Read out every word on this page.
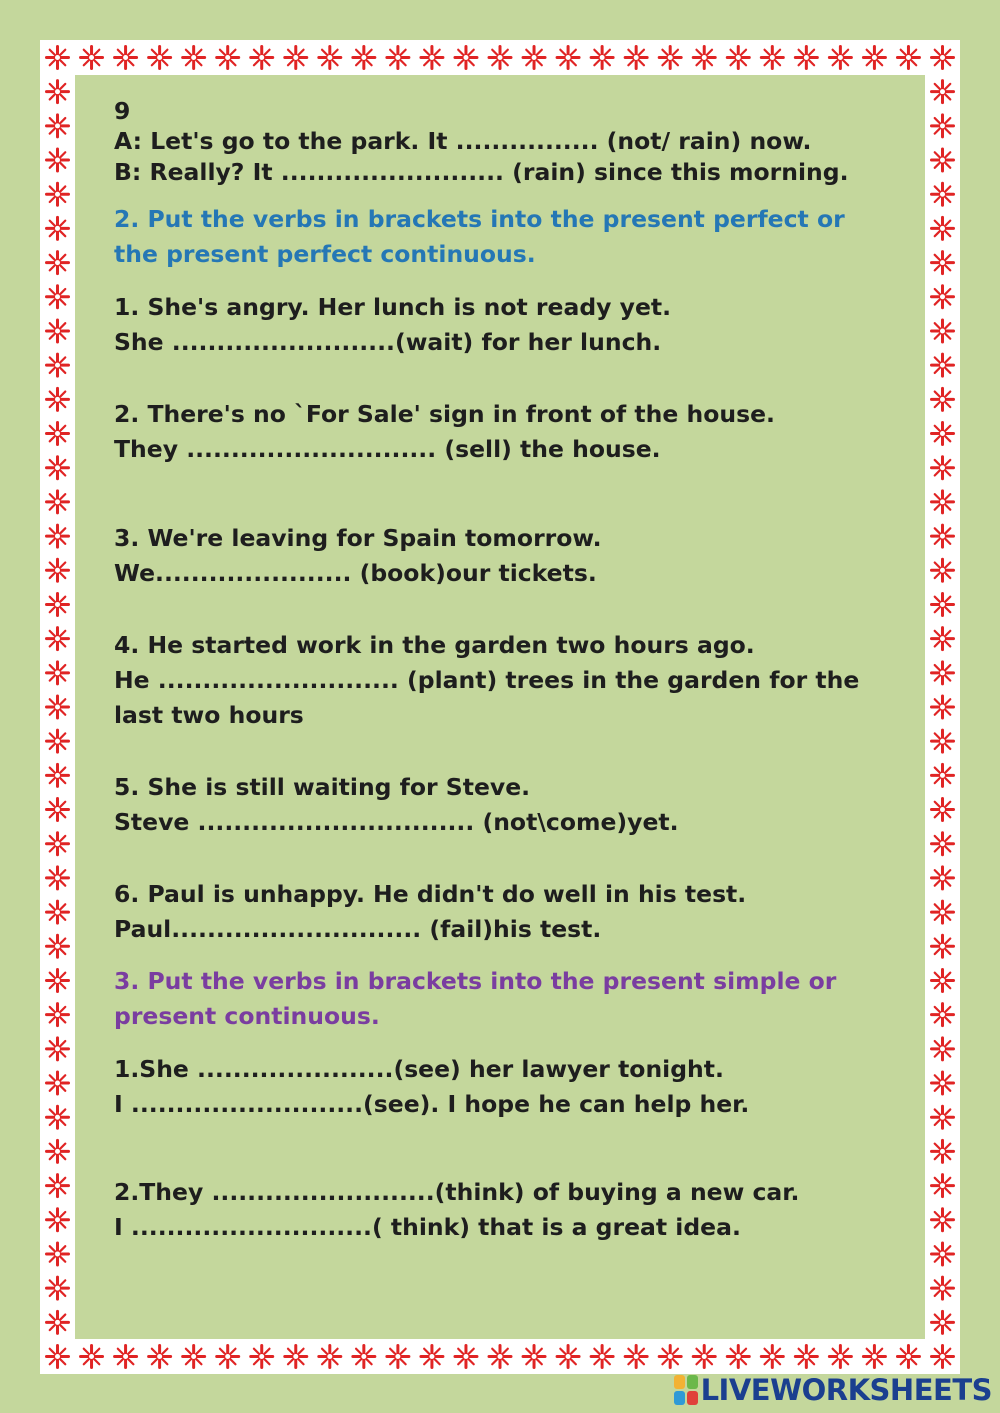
9
A: Let's go to the park. It ................ (not/ rain) now.
B: Really? It ......................... (rain) since this morning.
2. Put the verbs in brackets into the present perfect or the present perfect continuous.
1. She's angry. Her lunch is not ready yet.
She .........................(wait) for her lunch.
2. There's no `For Sale' sign in front of the house.
They ............................ (sell) the house.
3. We're leaving for Spain tomorrow.
We...................... (book)our tickets.
4. He started work in the garden two hours ago.
He ........................... (plant) trees in the garden for the last two hours
5. She is still waiting for Steve.
Steve ............................... (not\come)yet.
6. Paul is unhappy. He didn't do well in his test.
Paul............................ (fail)his test.
3. Put the verbs in brackets into the present simple or present continuous.
1.She ......................(see) her lawyer tonight.
I ..........................(see). I hope he can help her.
2.They .........................(think) of buying a new car.
I ...........................( think) that is a great idea.
LIVEWORKSHEETS
